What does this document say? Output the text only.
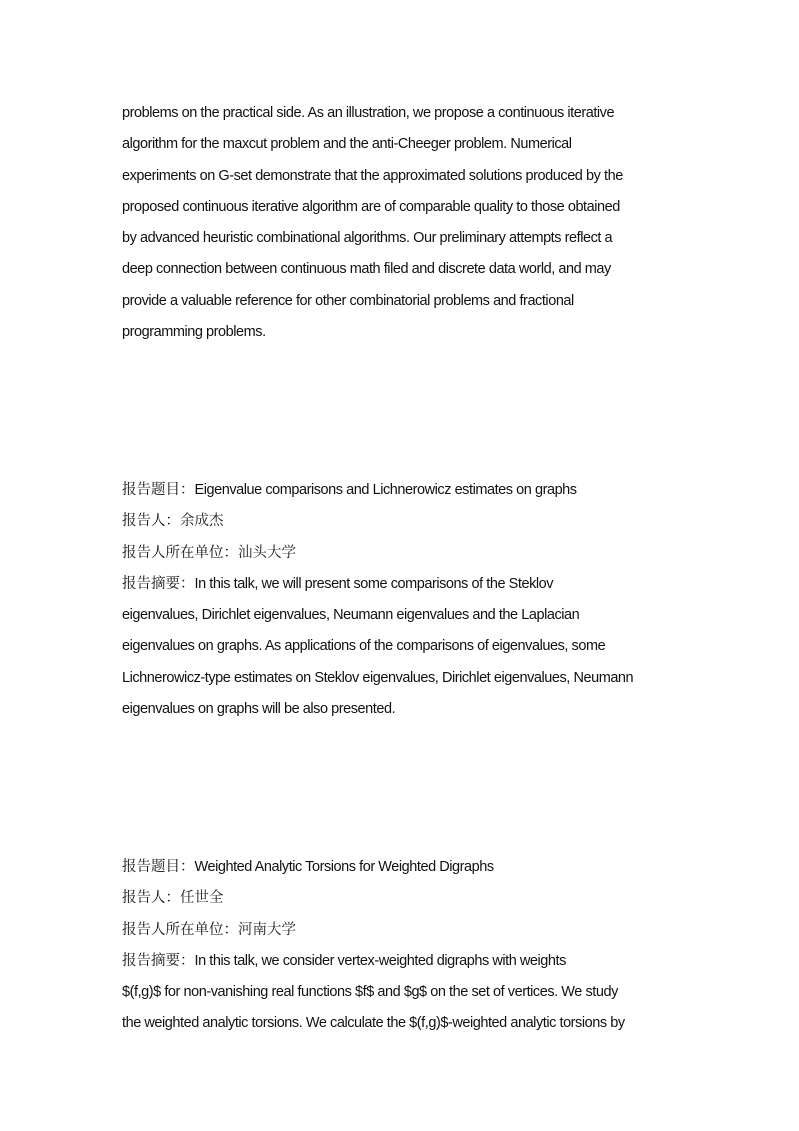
problems on the practical side. As an illustration, we propose a continuous iterative
algorithm for the maxcut problem and the anti-Cheeger problem. Numerical
experiments on G-set demonstrate that the approximated solutions produced by the
proposed continuous iterative algorithm are of comparable quality to those obtained
by advanced heuristic combinational algorithms. Our preliminary attempts reflect a
deep connection between continuous math filed and discrete data world, and may
provide a valuable reference for other combinatorial problems and fractional
programming problems.
报告题目：Eigenvalue comparisons and Lichnerowicz estimates on graphs
报告人：余成杰
报告人所在单位：汕头大学
报告摘要：In this talk, we will present some comparisons of the Steklov
eigenvalues, Dirichlet eigenvalues, Neumann eigenvalues and the Laplacian
eigenvalues on graphs. As applications of the comparisons of eigenvalues, some
Lichnerowicz-type estimates on Steklov eigenvalues, Dirichlet eigenvalues, Neumann
eigenvalues on graphs will be also presented.
报告题目：Weighted Analytic Torsions for Weighted Digraphs
报告人：任世全
报告人所在单位：河南大学
报告摘要：In this talk, we consider vertex-weighted digraphs with weights
$(f,g)$ for non-vanishing real functions $f$ and $g$ on the set of vertices. We study
the weighted analytic torsions. We calculate the $(f,g)$-weighted analytic torsions by
